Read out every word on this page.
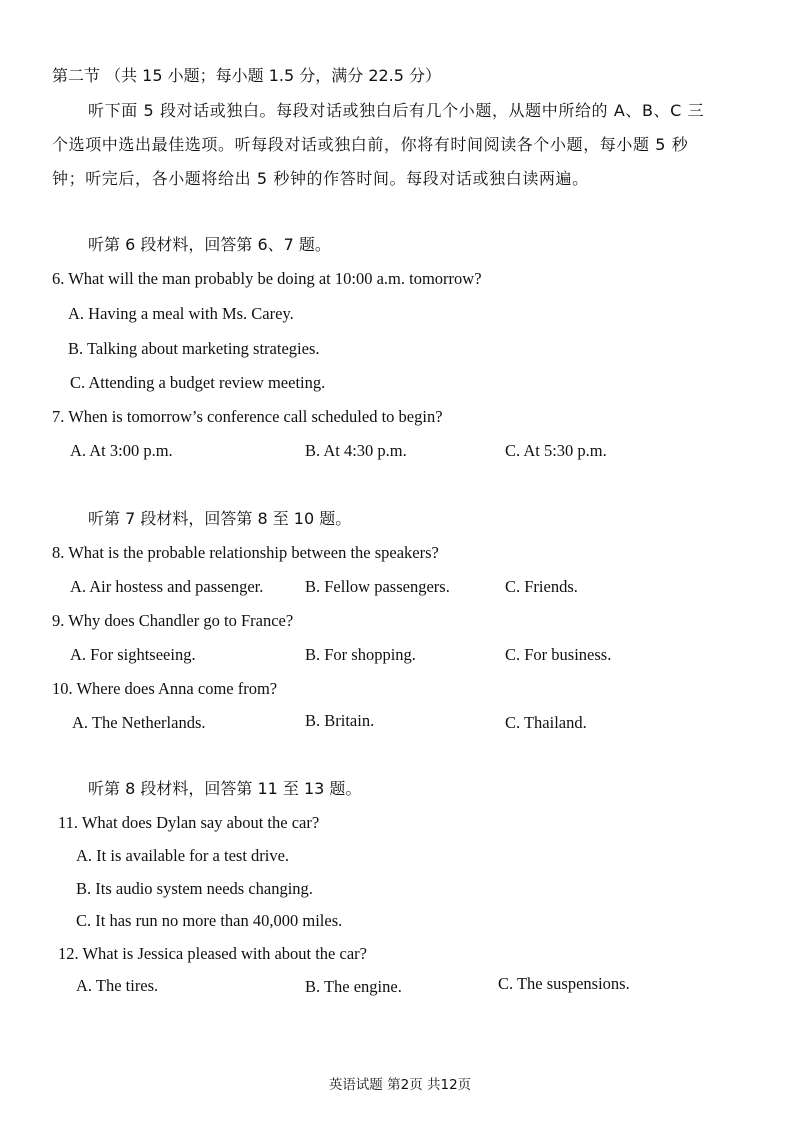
第二节 （共 15 小题；每小题 1.5 分，满分 22.5 分）
听下面 5 段对话或独白。每段对话或独白后有几个小题，从题中所给的 A、B、C 三
个选项中选出最佳选项。听每段对话或独白前，你将有时间阅读各个小题，每小题 5 秒
钟；听完后，各小题将给出 5 秒钟的作答时间。每段对话或独白读两遍。
听第 6 段材料，回答第 6、7 题。
6. What will the man probably be doing at 10:00 a.m. tomorrow?
A. Having a meal with Ms. Carey.
B. Talking about marketing strategies.
C. Attending a budget review meeting.
7. When is tomorrow’s conference call scheduled to begin?
A. At 3:00 p.m.	B. At 4:30 p.m.	C. At 5:30 p.m.
听第 7 段材料，回答第 8 至 10 题。
8. What is the probable relationship between the speakers?
A. Air hostess and passenger.	B. Fellow passengers.	C. Friends.
9. Why does Chandler go to France?
A. For sightseeing.	B. For shopping.	C. For business.
10. Where does Anna come from?
A. The Netherlands.	B. Britain.	C. Thailand.
听第 8 段材料，回答第 11 至 13 题。
11. What does Dylan say about the car?
A. It is available for a test drive.
B. Its audio system needs changing.
C. It has run no more than 40,000 miles.
12. What is Jessica pleased with about the car?
A. The tires.	B. The engine.	C. The suspensions.
英语试题 第2页 共12页
